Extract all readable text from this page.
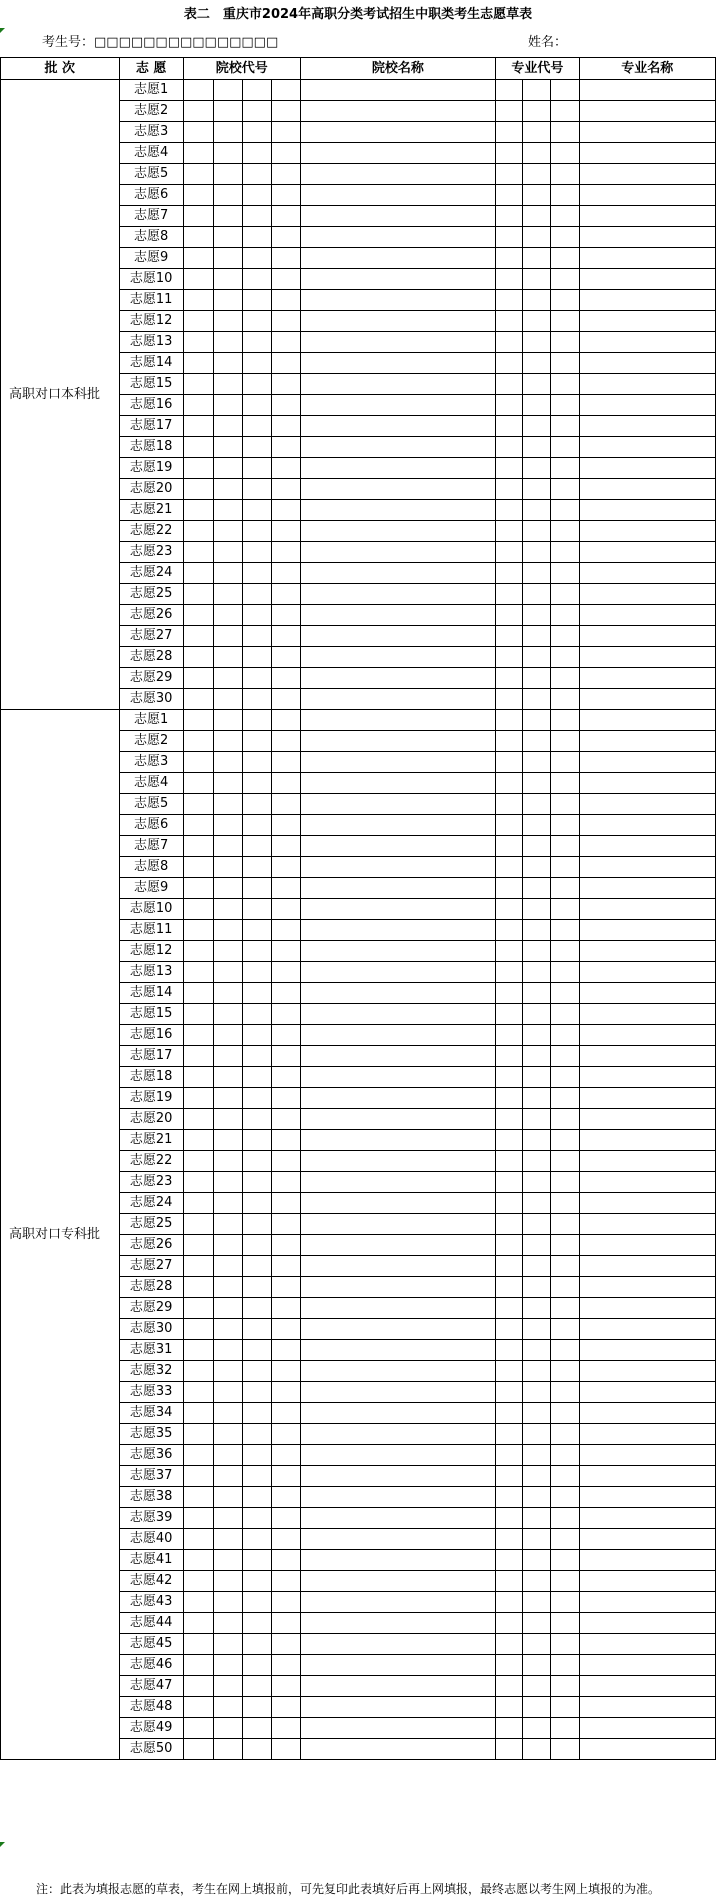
表二　重庆市2024年高职分类考试招生中职类考生志愿草表
考生号：□□□□□□□□□□□□□□□	姓名：
批 次	志 愿	院校代号				院校名称	专业代号			专业名称
高职对口本科批	志愿1									
	志愿2									
	志愿3									
	志愿4									
	志愿5									
	志愿6									
	志愿7									
	志愿8									
	志愿9									
	志愿10									
	志愿11									
	志愿12									
	志愿13									
	志愿14									
	志愿15									
	志愿16									
	志愿17									
	志愿18									
	志愿19									
	志愿20									
	志愿21									
	志愿22									
	志愿23									
	志愿24									
	志愿25									
	志愿26									
	志愿27									
	志愿28									
	志愿29									
	志愿30									
高职对口专科批	志愿1									
	志愿2									
	志愿3									
	志愿4									
	志愿5									
	志愿6									
	志愿7									
	志愿8									
	志愿9									
	志愿10									
	志愿11									
	志愿12									
	志愿13									
	志愿14									
	志愿15									
	志愿16									
	志愿17									
	志愿18									
	志愿19									
	志愿20									
	志愿21									
	志愿22									
	志愿23									
	志愿24									
	志愿25									
	志愿26									
	志愿27									
	志愿28									
	志愿29									
	志愿30									
	志愿31									
	志愿32									
	志愿33									
	志愿34									
	志愿35									
	志愿36									
	志愿37									
	志愿38									
	志愿39									
	志愿40									
	志愿41									
	志愿42									
	志愿43									
	志愿44									
	志愿45									
	志愿46									
	志愿47									
	志愿48									
	志愿49									
	志愿50									
注：此表为填报志愿的草表，考生在网上填报前，可先复印此表填好后再上网填报，最终志愿以考生网上填报的为准。
